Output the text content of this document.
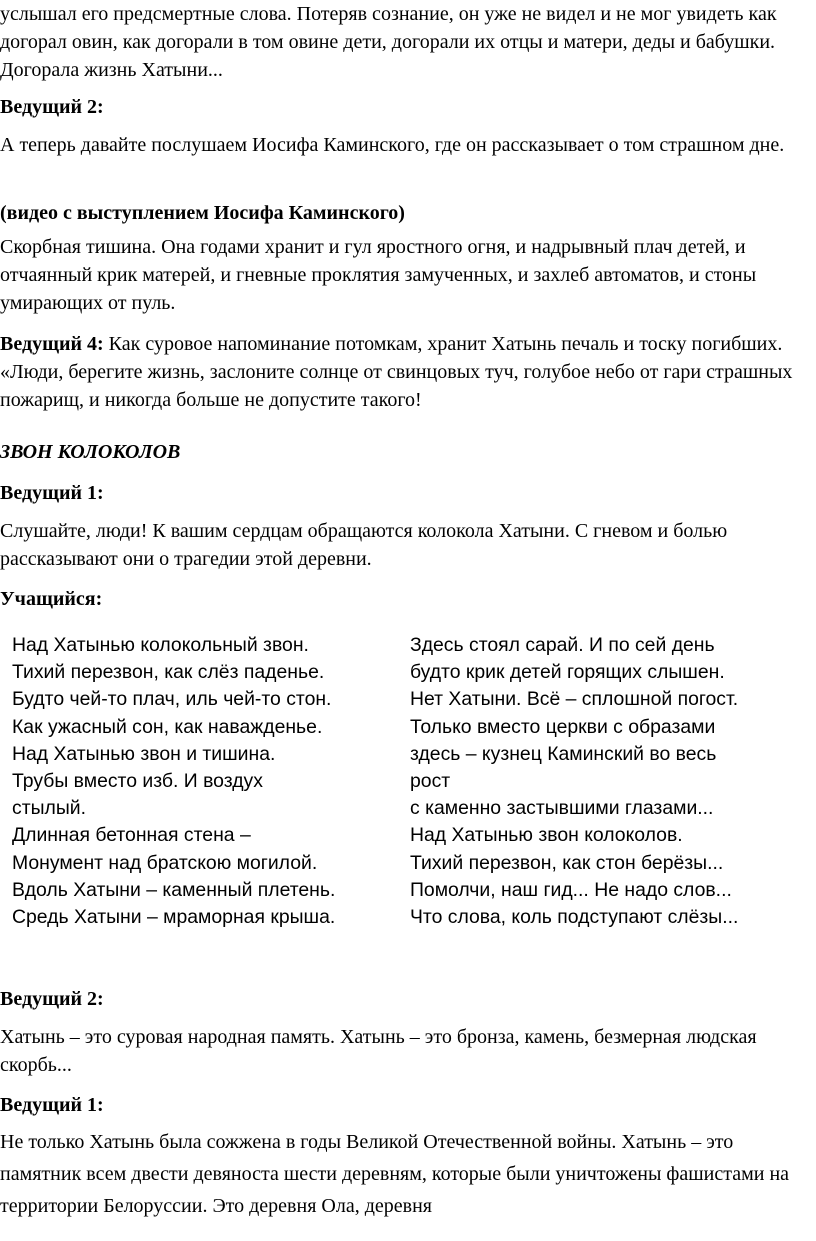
услышал его предсмертные слова. Потеряв сознание, он уже не видел и не мог увидеть как догорал овин, как догорали в том овине дети, догорали их отцы и матери, деды и бабушки. Догорала жизнь Хатыни...

Ведущий 2:

А теперь давайте послушаем Иосифа Каминского, где он рассказывает о том страшном дне.

(видео с выступлением Иосифа Каминского)

Скорбная тишина. Она годами хранит и гул яростного огня, и надрывный плач детей, и отчаянный крик матерей, и гневные проклятия замученных, и захлеб автоматов, и стоны умирающих от пуль.

Ведущий 4: Как суровое напоминание потомкам, хранит Хатынь печаль и тоску погибших. «Люди, берегите жизнь, заслоните солнце от свинцовых туч, голубое небо от гари страшных пожарищ, и никогда больше не допустите такого!

ЗВОН КОЛОКОЛОВ

Ведущий 1:

Слушайте, люди! К вашим сердцам обращаются колокола Хатыни. С гневом и болью рассказывают они о трагедии этой деревни.

Учащийся:

Над Хатынью колокольный звон.
Тихий перезвон, как слёз паденье.
Будто чей-то плач, иль чей-то стон.
Как ужасный сон, как наважденье.
Над Хатынью звон и тишина.
Трубы вместо изб. И воздух
стылый.
Длинная бетонная стена –
Монумент над братскою могилой.
Вдоль Хатыни – каменный плетень.
Средь Хатыни – мраморная крыша.
Здесь стоял сарай. И по сей день
будто крик детей горящих слышен.
Нет Хатыни. Всё – сплошной погост.
Только вместо церкви с образами
здесь – кузнец Каминский во весь
рост
с каменно застывшими глазами...
Над Хатынью звон колоколов.
Тихий перезвон, как стон берёзы...
Помолчи, наш гид... Не надо слов...
Что слова, коль подступают слёзы...

Ведущий 2:

Хатынь – это суровая народная память. Хатынь – это бронза, камень, безмерная людская скорбь...

Ведущий 1:

Не только Хатынь была сожжена в годы Великой Отечественной войны. Хатынь – это памятник всем двести девяноста шести деревням, которые были уничтожены фашистами на территории Белоруссии. Это деревня Ола, деревня
